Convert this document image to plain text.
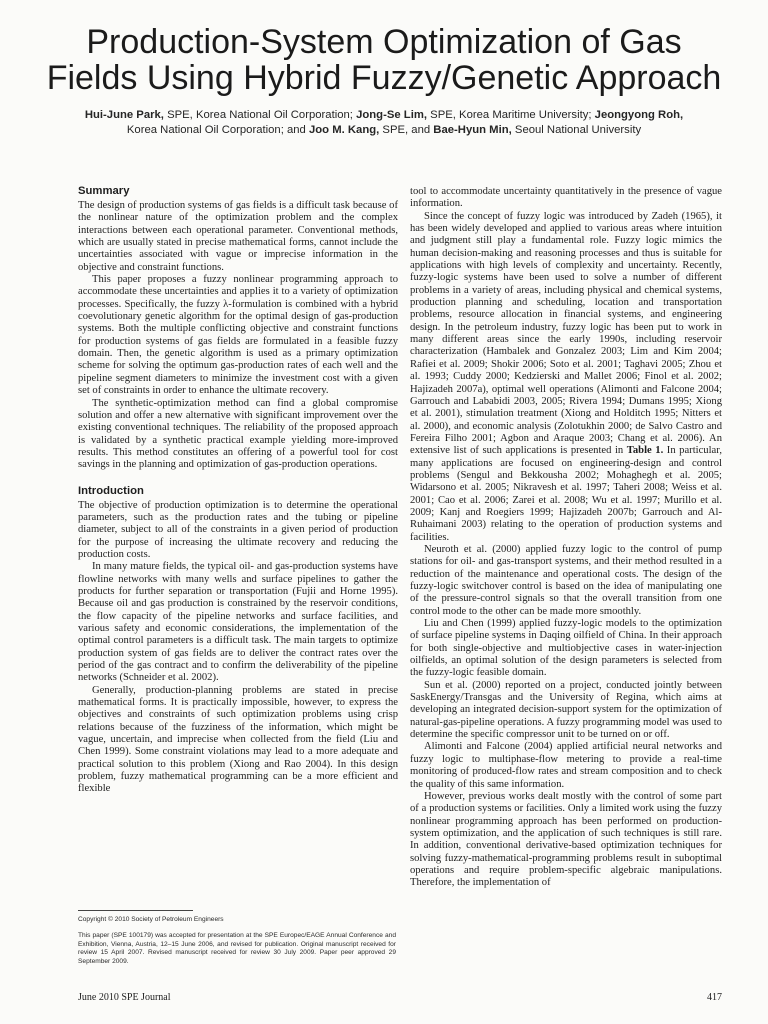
Production-System Optimization of Gas
Fields Using Hybrid Fuzzy/Genetic Approach
Hui-June Park, SPE, Korea National Oil Corporation; Jong-Se Lim, SPE, Korea Maritime University; Jeongyong Roh,
Korea National Oil Corporation; and Joo M. Kang, SPE, and Bae-Hyun Min, Seoul National University
Summary

The design of production systems of gas fields is a difficult task because of the nonlinear nature of the optimization problem and the complex interactions between each operational parameter. Conventional methods, which are usually stated in precise mathematical forms, cannot include the uncertainties associated with vague or imprecise information in the objective and constraint functions.

This paper proposes a fuzzy nonlinear programming approach to accommodate these uncertainties and applies it to a variety of optimization processes. Specifically, the fuzzy λ-formulation is combined with a hybrid coevolutionary genetic algorithm for the optimal design of gas-production systems. Both the multiple conflicting objective and constraint functions for production systems of gas fields are formulated in a feasible fuzzy domain. Then, the genetic algorithm is used as a primary optimization scheme for solving the optimum gas-production rates of each well and the pipeline segment diameters to minimize the investment cost with a given set of constraints in order to enhance the ultimate recovery.

The synthetic-optimization method can find a global compromise solution and offer a new alternative with significant improvement over the existing conventional techniques. The reliability of the proposed approach is validated by a synthetic practical example yielding more-improved results. This method constitutes an offering of a powerful tool for cost savings in the planning and optimization of gas-production operations.

Introduction

The objective of production optimization is to determine the operational parameters, such as the production rates and the tubing or pipeline diameter, subject to all of the constraints in a given period of production for the purpose of increasing the ultimate recovery and reducing the production costs.

In many mature fields, the typical oil- and gas-production systems have flowline networks with many wells and surface pipelines to gather the products for further separation or transportation (Fujii and Horne 1995). Because oil and gas production is constrained by the reservoir conditions, the flow capacity of the pipeline networks and surface facilities, and various safety and economic considerations, the implementation of the optimal control parameters is a difficult task. The main targets to optimize production system of gas fields are to deliver the contract rates over the period of the gas contract and to confirm the deliverability of the pipeline networks (Schneider et al. 2002).

Generally, production-planning problems are stated in precise mathematical forms. It is practically impossible, however, to express the objectives and constraints of such optimization problems using crisp relations because of the fuzziness of the information, which might be vague, uncertain, and imprecise when collected from the field (Liu and Chen 1999). Some constraint violations may lead to a more adequate and practical solution to this problem (Xiong and Rao 2004). In this design problem, fuzzy mathematical programming can be a more efficient and flexible

tool to accommodate uncertainty quantitatively in the presence of vague information.

Since the concept of fuzzy logic was introduced by Zadeh (1965), it has been widely developed and applied to various areas where intuition and judgment still play a fundamental role. Fuzzy logic mimics the human decision-making and reasoning processes and thus is suitable for applications with high levels of complexity and uncertainty. Recently, fuzzy-logic systems have been used to solve a number of different problems in a variety of areas, including physical and chemical systems, production planning and scheduling, location and transportation problems, resource allocation in financial systems, and engineering design. In the petroleum industry, fuzzy logic has been put to work in many different areas since the early 1990s, including reservoir characterization (Hambalek and Gonzalez 2003; Lim and Kim 2004; Rafiei et al. 2009; Shokir 2006; Soto et al. 2001; Taghavi 2005; Zhou et al. 1993; Cuddy 2000; Kedzierski and Mallet 2006; Finol et al. 2002; Hajizadeh 2007a), optimal well operations (Alimonti and Falcone 2004; Garrouch and Lababidi 2003, 2005; Rivera 1994; Dumans 1995; Xiong et al. 2001), stimulation treatment (Xiong and Holditch 1995; Nitters et al. 2000), and economic analysis (Zolotukhin 2000; de Salvo Castro and Fereira Filho 2001; Agbon and Araque 2003; Chang et al. 2006). An extensive list of such applications is presented in Table 1. In particular, many applications are focused on engineering-design and control problems (Sengul and Bekkousha 2002; Mohaghegh et al. 2005; Widarsono et al. 2005; Nikravesh et al. 1997; Taheri 2008; Weiss et al. 2001; Cao et al. 2006; Zarei et al. 2008; Wu et al. 1997; Murillo et al. 2009; Kanj and Roegiers 1999; Hajizadeh 2007b; Garrouch and Al-Ruhaimani 2003) relating to the operation of production systems and facilities.

Neuroth et al. (2000) applied fuzzy logic to the control of pump stations for oil- and gas-transport systems, and their method resulted in a reduction of the maintenance and operational costs. The design of the fuzzy-logic switchover control is based on the idea of manipulating one of the pressure-control signals so that the overall transition from one control mode to the other can be made more smoothly.

Liu and Chen (1999) applied fuzzy-logic models to the optimization of surface pipeline systems in Daqing oilfield of China. In their approach for both single-objective and multiobjective cases in water-injection oilfields, an optimal solution of the design parameters is selected from the fuzzy-logic feasible domain.

Sun et al. (2000) reported on a project, conducted jointly between SaskEnergy/Transgas and the University of Regina, which aims at developing an integrated decision-support system for the optimization of natural-gas-pipeline operations. A fuzzy programming model was used to determine the specific compressor unit to be turned on or off.

Alimonti and Falcone (2004) applied artificial neural networks and fuzzy logic to multiphase-flow metering to provide a real-time monitoring of produced-flow rates and stream composition and to check the quality of this same information.

However, previous works dealt mostly with the control of some part of a production systems or facilities. Only a limited work using the fuzzy nonlinear programming approach has been performed on production-system optimization, and the application of such techniques is still rare. In addition, conventional derivative-based optimization techniques for solving fuzzy-mathematical-programming problems result in suboptimal operations and require problem-specific algebraic manipulations. Therefore, the implementation of

Copyright © 2010 Society of Petroleum Engineers

This paper (SPE 100179) was accepted for presentation at the SPE Europec/EAGE Annual Conference and Exhibition, Vienna, Austria, 12–15 June 2006, and revised for publication. Original manuscript received for review 15 April 2007. Revised manuscript received for review 30 July 2009. Paper peer approved 29 September 2009.

June 2010 SPE Journal	417
